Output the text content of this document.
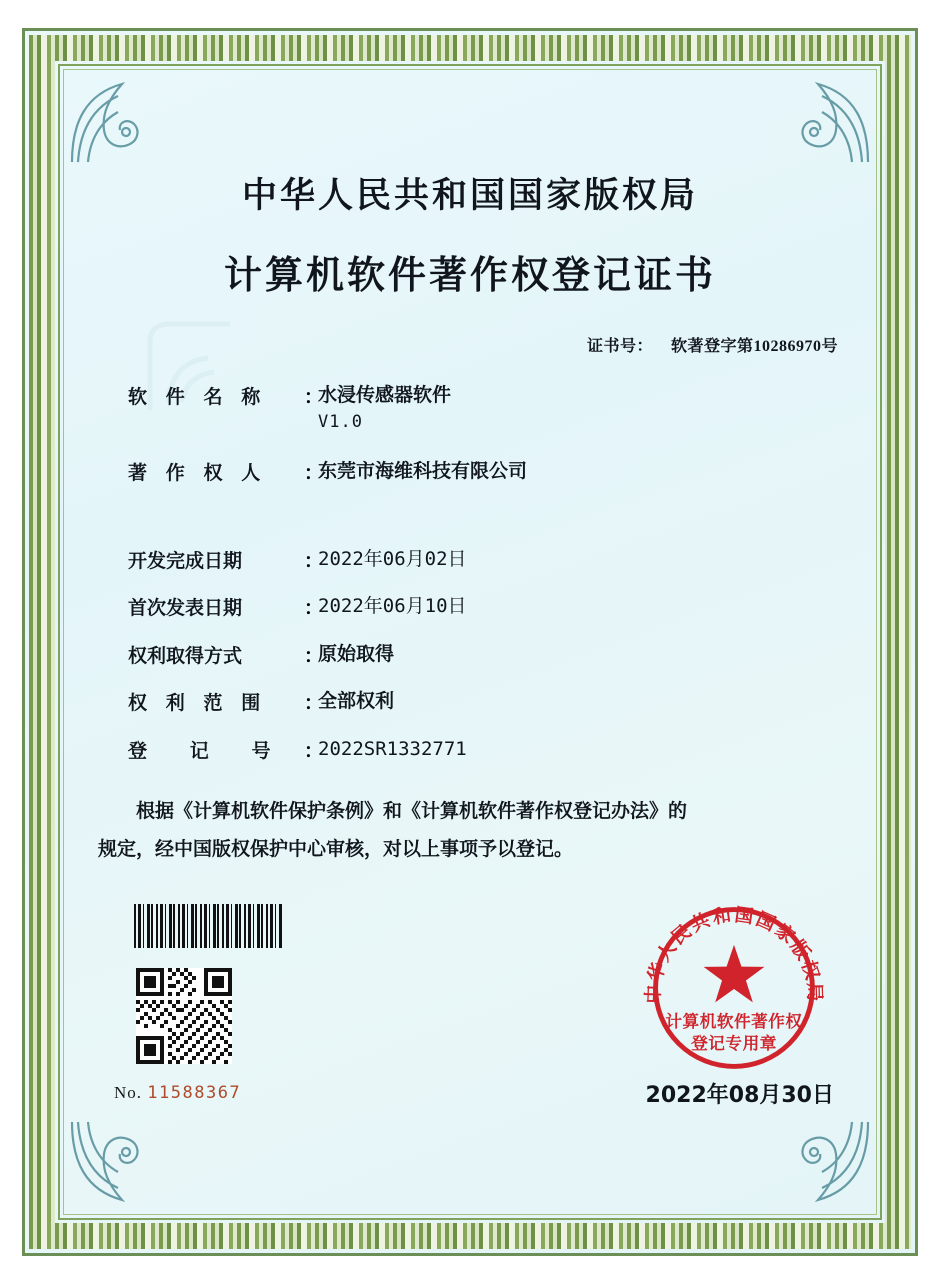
中华人民共和国国家版权局
计算机软件著作权登记证书
证书号： 软著登字第10286970号
软 件 名 称	：
水浸传感器软件
V1.0
著 作 权 人	：
东莞市海维科技有限公司
开发完成日期	：
2022年06月02日
首次发表日期	：
2022年06月10日
权利取得方式	：
原始取得
权 利 范 围	：
全部权利
登 记 号 ：
2022SR1332771
根据《计算机软件保护条例》和《计算机软件著作权登记办法》的
规定，经中国版权保护中心审核，对以上事项予以登记。
No. 11588367	2022年08月30日
中华人民共和国国家版权局
计算机软件著作权
登记专用章
